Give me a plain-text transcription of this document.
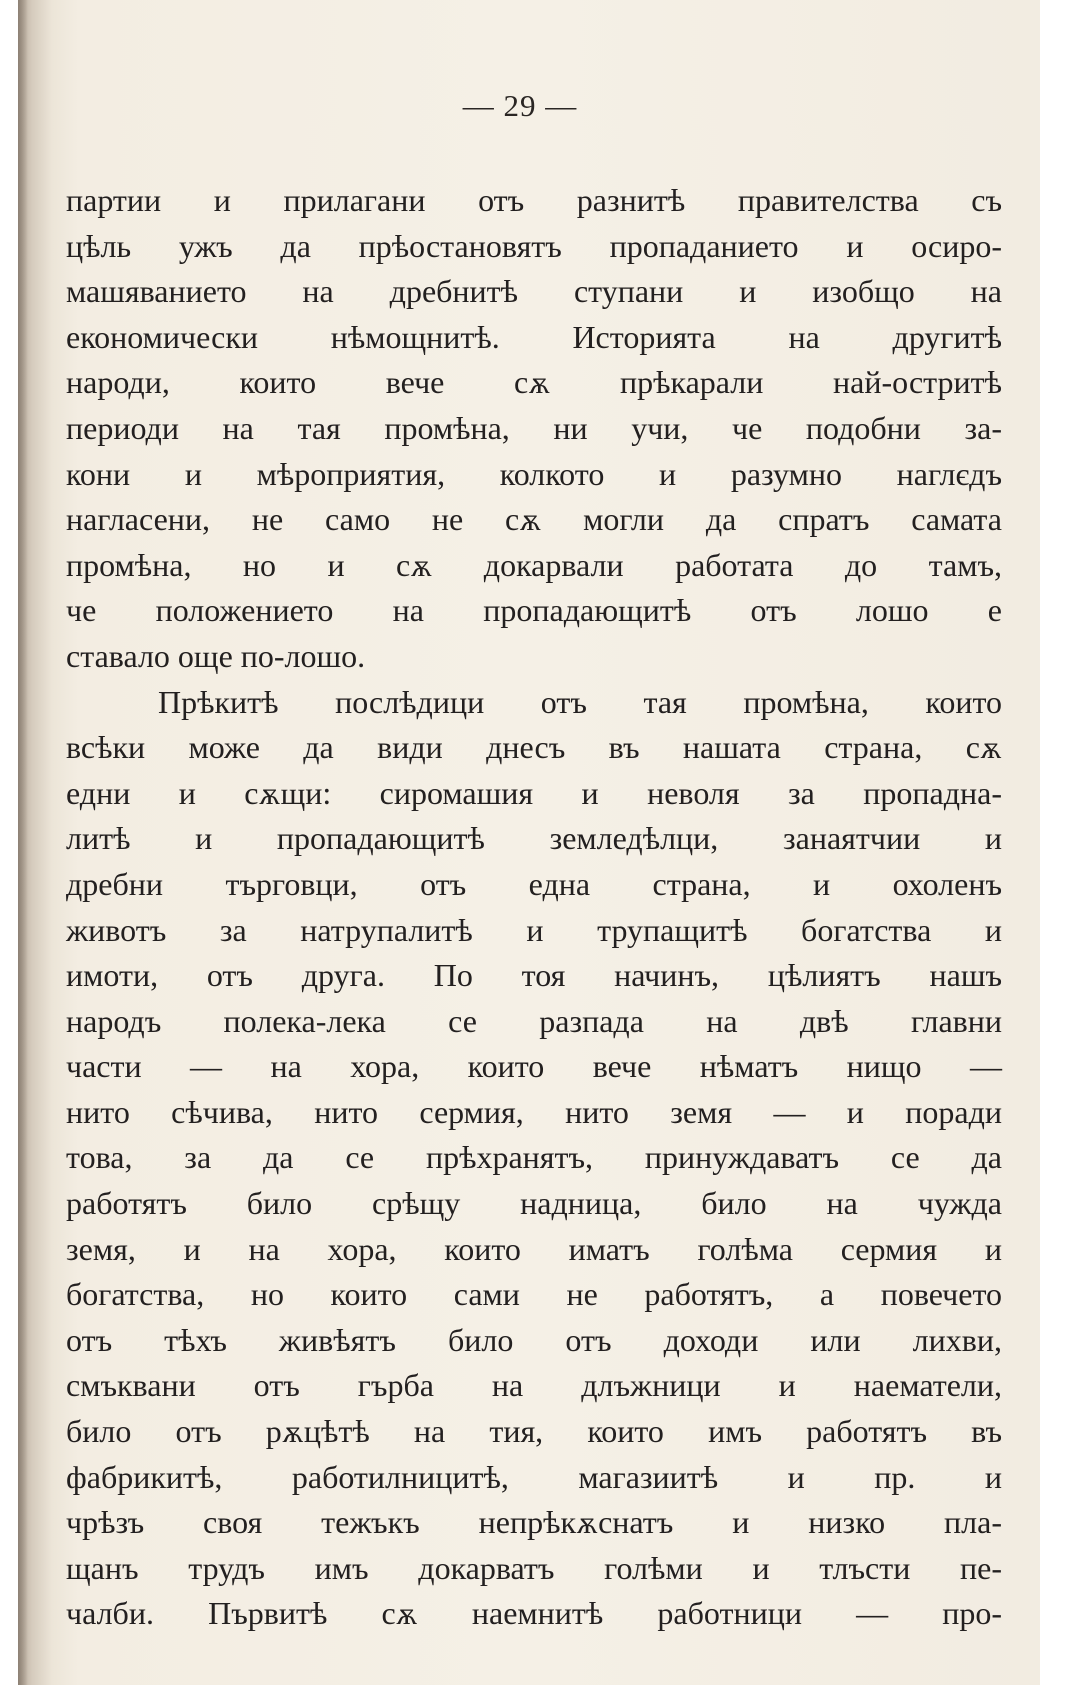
— 29 —
партии и прилагани отъ разнитѣ правителства съ
цѣль ужъ да прѣостановятъ пропаданието и осиро-
машяванието на дребнитѣ ступани и изобщо на
економически нѣмощнитѣ. Историята на другитѣ
народи, които вече сѫ прѣкарали най-остритѣ
периоди на тая промѣна, ни учи, че подобни за-
кони и мѣроприятия, колкото и разумно наглєдъ
нагласени, не само не сѫ могли да спратъ самата
промѣна, но и сѫ докарвали работата до тамъ,
че положението на пропадающитѣ отъ лошо е
ставало още по-лошо.
Прѣкитѣ послѣдици отъ тая промѣна, които
всѣки може да види днесъ въ нашата страна, сѫ
едни и сѫщи: сиромашия и неволя за пропадна-
литѣ и пропадающитѣ земледѣлци, занаятчии и
дребни търговци, отъ една страна, и охоленъ
животъ за натрупалитѣ и трупащитѣ богатства и
имоти, отъ друга. По тоя начинъ, цѣлиятъ нашъ
народъ полека-лека се разпада на двѣ главни
части — на хора, които вече нѣматъ нищо —
нито сѣчива, нито сермия, нито земя — и поради
това, за да се прѣхранятъ, принуждаватъ се да
работятъ било срѣщу надница, било на чужда
земя, и на хора, които иматъ голѣма сермия и
богатства, но които сами не работятъ, а повечето
отъ тѣхъ живѣятъ било отъ доходи или лихви,
смъквани отъ гърба на длъжници и наематели,
било отъ рѫцѣтѣ на тия, които имъ работятъ въ
фабрикитѣ, работилницитѣ, магазиитѣ и пр. и
чрѣзъ своя тежъкъ непрѣкѫснатъ и низко пла-
щанъ трудъ имъ докарватъ голѣми и тлъсти пе-
чалби. Първитѣ сѫ наемнитѣ работници — про-
